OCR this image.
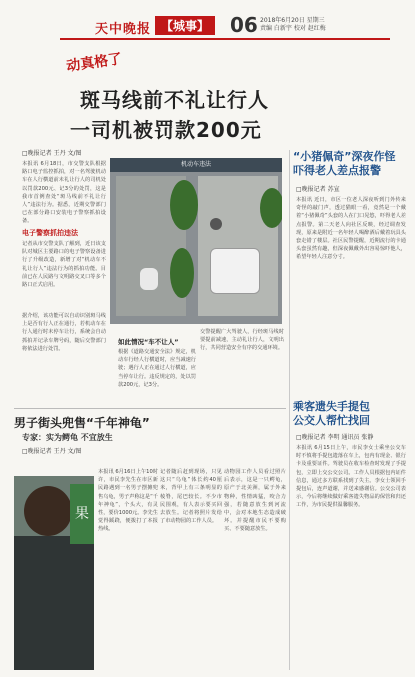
天中晚报 【城事】	06 2018年6月20日 星期三
责编 白新宇 校对 赵红梅
动真格了
斑马线前不礼让行人
一司机被罚款200元
□晚报记者 王丹 文/图
本报讯 6月18日，市交警支队根据路口电子监控抓拍，对一名驾驶机动车在人行横道前未礼让行人的司机处以罚款200元、记3分的处罚，这是我市首例查处“斑马线前不礼让行人”违法行为。据悉，近期交警部门已在部分路口安装电子警察抓拍设备。
电子警察抓拍违法
记者从市交警支队了解到，近日该支队对城区主要路口的电子警察设备进行了升级改造，新增了对“机动车不礼让行人”违法行为的抓拍功能。目前已在人民路与文明路交叉口等多个路口正式启用。
据介绍，该功能可以自动识别斑马线上是否有行人正在通行，若机动车在行人通行时未停车让行，系统会自动抓拍并记录车牌号码，随后交警部门将依法进行处罚。
机动车违法
如此情况“车不让人”
根据《道路交通安全法》规定，机动车行经人行横道时，应当减速行驶；遇行人正在通过人行横道，应当停车让行。违反规定的，处以罚款200元，记3分。
交警提醒广大驾驶人，行经斑马线时要提前减速，主动礼让行人，文明出行，共同营造安全有序的交通环境。
“小猪佩奇”深夜作怪
吓得老人差点报警
□晚报记者 苏宣
本报讯 近日，市区一位老人深夜听到门外传来奇怪的敲门声，透过猫眼一看，竟然是一个戴着“小猪佩奇”头套的人在门口晃悠，吓得老人差点报警。第二天老人向社区反映，经过调查发现，原来是附近一名年轻人喝醉酒后戴着玩具头套走错了楼层。社区民警提醒，近期流行的卡通头套虽然有趣，但深夜佩戴外出容易惊吓他人，希望年轻人注意分寸。
乘客遗失手提包
公交人帮忙找回
□晚报记者 李明 通讯员 张静
本报讯 6月15日上午，市民李女士乘坐公交车时不慎将手提包遗落在车上，包内有现金、银行卡及重要证件。驾驶员在收车检查时发现了手提包，立即上交公交公司。工作人员根据包内证件信息，通过多方联系找到了失主。李女士领回手提包后，连声道谢，并送来感谢信。公交公司表示，今后将继续做好乘客遗失物品的保管和归还工作，为市民提供温馨服务。
男子街头兜售“千年神龟”
专家：实为鳄龟 不宜放生
□晚报记者 王丹 文/图
果
本报讯 6月16日上午10时许，市民李先生在市区新民路遇到一名男子摆摊兜售乌龟，男子声称这是“千年神龟”，个头大，有灵性，要价1000元。李先生觉得蹊跷，便拨打了本报热线。
记者随后赶到现场，只见这只“乌龟”体长约40厘米，背甲上有三条明显的棱脊，尾巴较长。不少市民围观，有人表示要买回去放生。记者将照片发给了市动物园的工作人员。
动物园工作人员看过照片后表示，这是一只鳄龟，原产于北美洲，属于外来物种，性情凶猛，咬合力强，若随意放生到河流中，会对本地生态造成破坏。并提醒市民不要购买、不要随意放生。
